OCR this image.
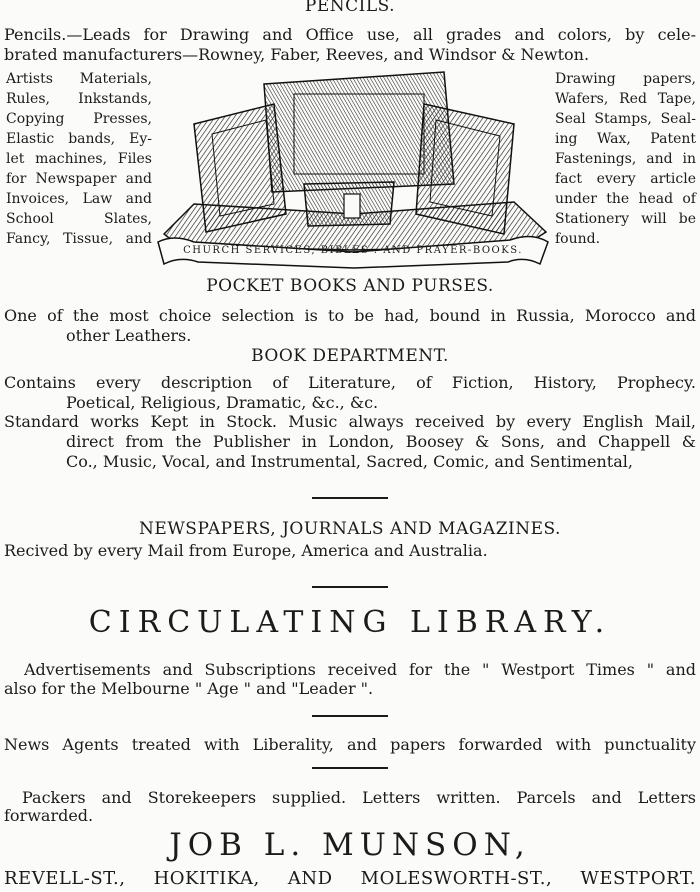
PENCILS.
Pencils.—Leads for Drawing and Office use, all grades and colors, by cele-
brated manufacturers—Rowney, Faber, Reeves, and Windsor & Newton.
Artists Materials,
Rules, Inkstands,
Copying Presses,
Elastic bands, Ey-
let machines, Files
for Newspaper and
Invoices, Law and
School Slates,
Fancy, Tissue, and
Drawing papers,
Wafers, Red Tape,
Seal Stamps, Seal-
ing Wax, Patent
Fastenings, and in
fact every article
under the head of
Stationery will be
found.
CHURCH SERVICES, BIBLES . AND PRAYER-BOOKS.
POCKET BOOKS AND PURSES.
One of the most choice selection is to be had, bound in Russia, Morocco and
other Leathers.
BOOK DEPARTMENT.
Contains every description of Literature, of Fiction, History, Prophecy.
Poetical, Religious, Dramatic, &c., &c.
Standard works Kept in Stock. Music always received by every English Mail,
direct from the Publisher in London, Boosey & Sons, and Chappell &
Co., Music, Vocal, and Instrumental, Sacred, Comic, and Sentimental,
NEWSPAPERS, JOURNALS AND MAGAZINES.
Recived by every Mail from Europe, America and Australia.
CIRCULATING LIBRARY.
Advertisements and Subscriptions received for the " Westport Times " and
also for the Melbourne " Age " and "Leader ".
News Agents treated with Liberality, and papers forwarded with punctuality
Packers and Storekeepers supplied. Letters written. Parcels and Letters
forwarded.
JOB L. MUNSON,
REVELL-ST., HOKITIKA, AND MOLESWORTH-ST., WESTPORT.
